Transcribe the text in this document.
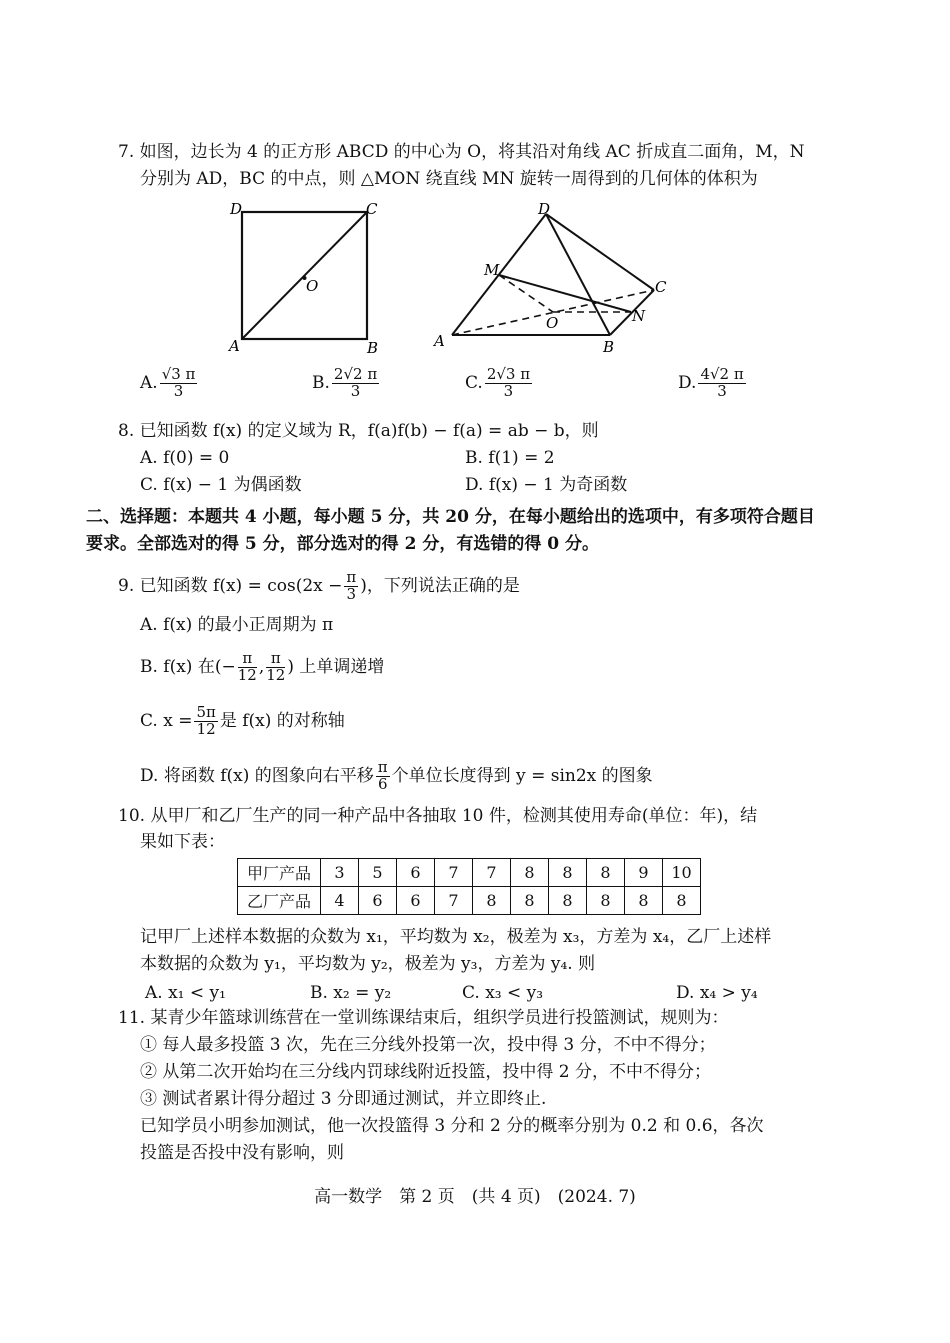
7. 如图，边长为 4 的正方形 ABCD 的中心为 O，将其沿对角线 AC 折成直二面角，M，N
分别为 AD，BC 的中点，则 △MON 绕直线 MN 旋转一周得到的几何体的体积为
D	C
O
A	B
D
M
C
O	N
A	B
A. $\frac{√3 \pi}{3}$	B. $\frac{2√2 \pi}{3}$	C. $\frac{2√3 \pi}{3}$	D. $\frac{4√2 \pi}{3}$
8. 已知函数 f(x) 的定义域为 R，f(a)f(b) − f(a) = ab − b，则
A. f(0) = 0	B. f(1) = 2
C. f(x) − 1 为偶函数	D. f(x) − 1 为奇函数
二、选择题：本题共 4 小题，每小题 5 分，共 20 分，在每小题给出的选项中，有多项符合题目
要求。全部选对的得 5 分，部分选对的得 2 分，有选错的得 0 分。
9. 已知函数 $f(x) = \cos(2x - \frac{\pi}{3}$ )，下列说法正确的是
A. f(x) 的最小正周期为 π
B. f(x) 在(− $\frac{\pi}{12}$ , $\frac{\pi}{12}$ ) 上单调递增
C. $x = \frac{5\pi}{12}$ 是 f(x) 的对称轴
D. 将函数 f(x) 的图象向右平移 $\frac{\pi}{6}$ 个单位长度得到 y = sin2x 的图象
10. 从甲厂和乙厂生产的同一种产品中各抽取 10 件，检测其使用寿命(单位：年)，结
果如下表：
甲厂产品	3	5	6	7	7	8	8	8	9	10
乙厂产品	4	6	6	7	8	8	8	8	8	8
记甲厂上述样本数据的众数为 x₁，平均数为 x₂，极差为 x₃，方差为 x₄，乙厂上述样
本数据的众数为 y₁，平均数为 y₂，极差为 y₃，方差为 y₄. 则
A. x₁ < y₁	B. x₂ = y₂	C. x₃ < y₃	D. x₄ > y₄
11. 某青少年篮球训练营在一堂训练课结束后，组织学员进行投篮测试，规则为：
① 每人最多投篮 3 次，先在三分线外投第一次，投中得 3 分，不中不得分；
② 从第二次开始均在三分线内罚球线附近投篮，投中得 2 分，不中不得分；
③ 测试者累计得分超过 3 分即通过测试，并立即终止.
已知学员小明参加测试，他一次投篮得 3 分和 2 分的概率分别为 0.2 和 0.6，各次
投篮是否投中没有影响，则
高一数学　第 2 页　(共 4 页)　(2024. 7)
